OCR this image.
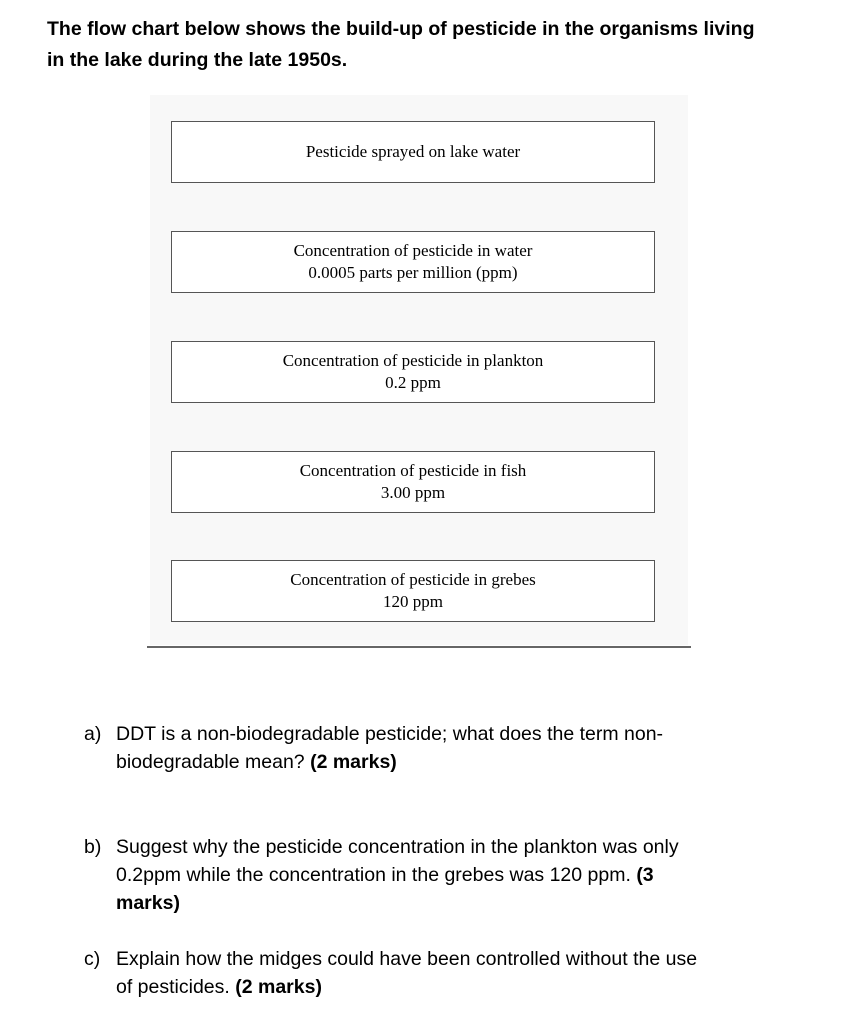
The flow chart below shows the build-up of pesticide in the organisms living
in the lake during the late 1950s.
Pesticide sprayed on lake water
Concentration of pesticide in water
0.0005 parts per million (ppm)
Concentration of pesticide in plankton
0.2 ppm
Concentration of pesticide in fish
3.00 ppm
Concentration of pesticide in grebes
120 ppm
a) DDT is a non-biodegradable pesticide; what does the term non-
biodegradable mean? (2 marks)
b) Suggest why the pesticide concentration in the plankton was only
0.2ppm while the concentration in the grebes was 120 ppm. (3
marks)
c) Explain how the midges could have been controlled without the use
of pesticides. (2 marks)
